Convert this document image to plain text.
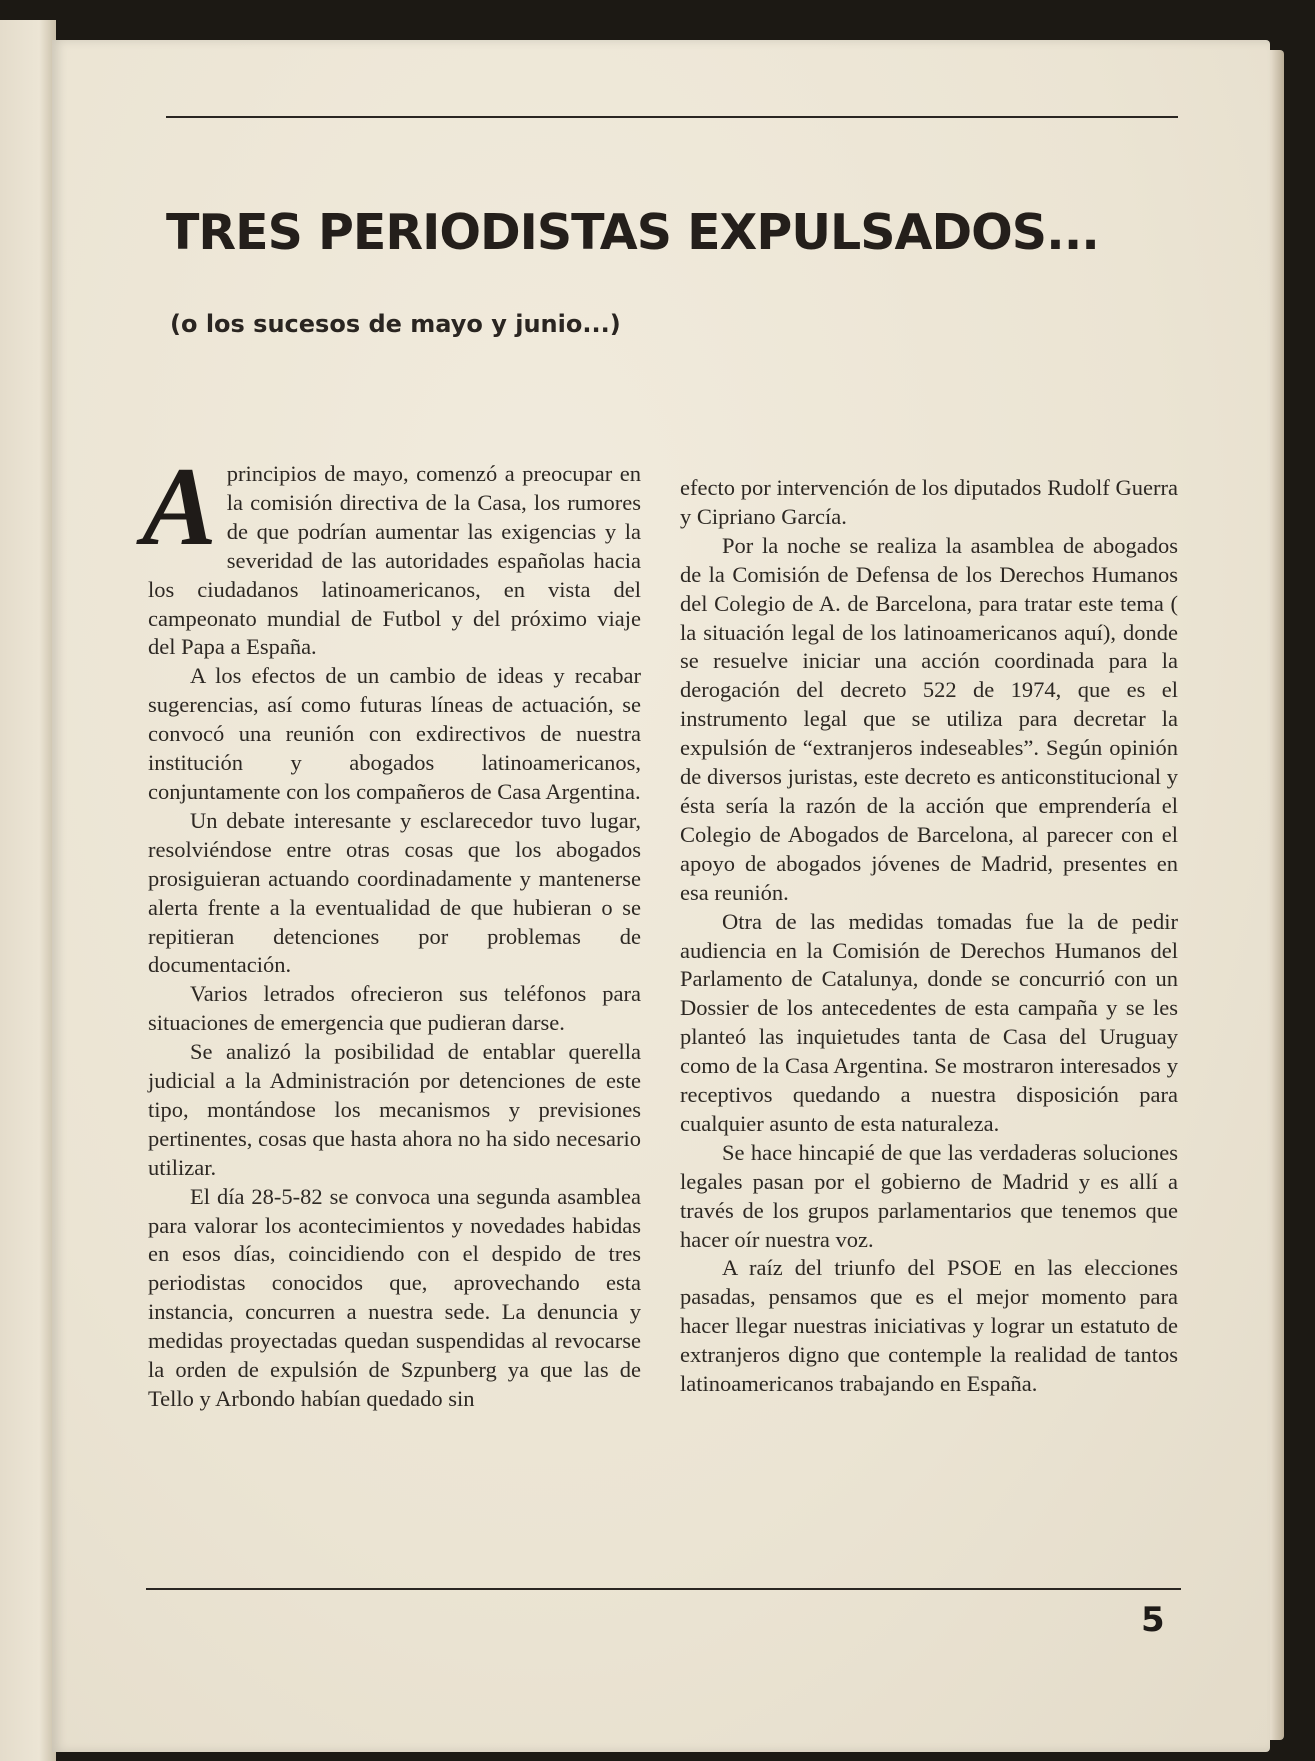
TRES PERIODISTAS EXPULSADOS...
(o los sucesos de mayo y junio...)

Aprincipios de mayo, comenzó a preocupar en la comisión directiva de la Casa, los rumores de que podrían aumentar las exigencias y la severidad de las autoridades españolas hacia los ciudadanos latinoamericanos, en vista del campeonato mundial de Futbol y del próximo viaje del Papa a España.

A los efectos de un cambio de ideas y recabar sugerencias, así como futuras líneas de actuación, se convocó una reunión con exdirectivos de nuestra institución y abogados latinoamericanos, conjuntamente con los compañeros de Casa Argentina.

Un debate interesante y esclarecedor tuvo lugar, resolviéndose entre otras cosas que los abogados prosiguieran actuando coordinadamente y mantenerse alerta frente a la eventualidad de que hubieran o se repitieran detenciones por problemas de documentación.

Varios letrados ofrecieron sus teléfonos para situaciones de emergencia que pudieran darse.

Se analizó la posibilidad de entablar querella judicial a la Administración por detenciones de este tipo, montándose los mecanismos y previsiones pertinentes, cosas que hasta ahora no ha sido necesario utilizar.

El día 28-5-82 se convoca una segunda asamblea para valorar los acontecimientos y novedades habidas en esos días, coincidiendo con el despido de tres periodistas conocidos que, aprovechando esta instancia, concurren a nuestra sede. La denuncia y medidas proyectadas quedan suspendidas al revocarse la orden de expulsión de Szpunberg ya que las de Tello y Arbondo habían quedado sin

efecto por intervención de los diputados Rudolf Guerra y Cipriano García.

Por la noche se realiza la asamblea de abogados de la Comisión de Defensa de los Derechos Humanos del Colegio de A. de Barcelona, para tratar este tema ( la situación legal de los latinoamericanos aquí), donde se resuelve iniciar una acción coordinada para la derogación del decreto 522 de 1974, que es el instrumento legal que se utiliza para decretar la expulsión de “extranjeros indeseables”. Según opinión de diversos juristas, este decreto es anticonstitucional y ésta sería la razón de la acción que emprendería el Colegio de Abogados de Barcelona, al parecer con el apoyo de abogados jóvenes de Madrid, presentes en esa reunión.

Otra de las medidas tomadas fue la de pedir audiencia en la Comisión de Derechos Humanos del Parlamento de Catalunya, donde se concurrió con un Dossier de los antecedentes de esta campaña y se les planteó las inquietudes tanta de Casa del Uruguay como de la Casa Argentina. Se mostraron interesados y receptivos quedando a nuestra disposición para cualquier asunto de esta naturaleza.

Se hace hincapié de que las verdaderas soluciones legales pasan por el gobierno de Madrid y es allí a través de los grupos parlamentarios que tenemos que hacer oír nuestra voz.

A raíz del triunfo del PSOE en las elecciones pasadas, pensamos que es el mejor momento para hacer llegar nuestras iniciativas y lograr un estatuto de extranjeros digno que contemple la realidad de tantos latinoamericanos trabajando en España.

5
